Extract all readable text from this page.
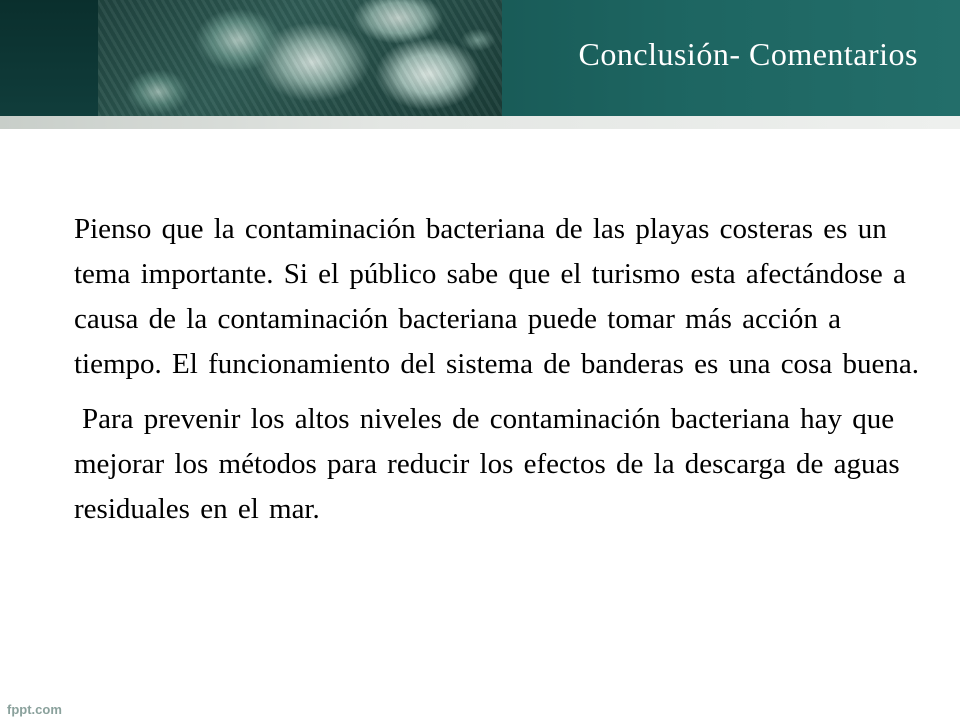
Conclusión- Comentarios

Pienso que la contaminación bacteriana de las playas costeras es un tema importante. Si el público sabe que el turismo esta afectándose a causa de la contaminación bacteriana puede tomar más acción a tiempo. El funcionamiento del sistema de banderas es una cosa buena.

Para prevenir los altos niveles de contaminación bacteriana hay que mejorar los métodos para reducir los efectos de la descarga de aguas residuales en el mar.

fppt.com
